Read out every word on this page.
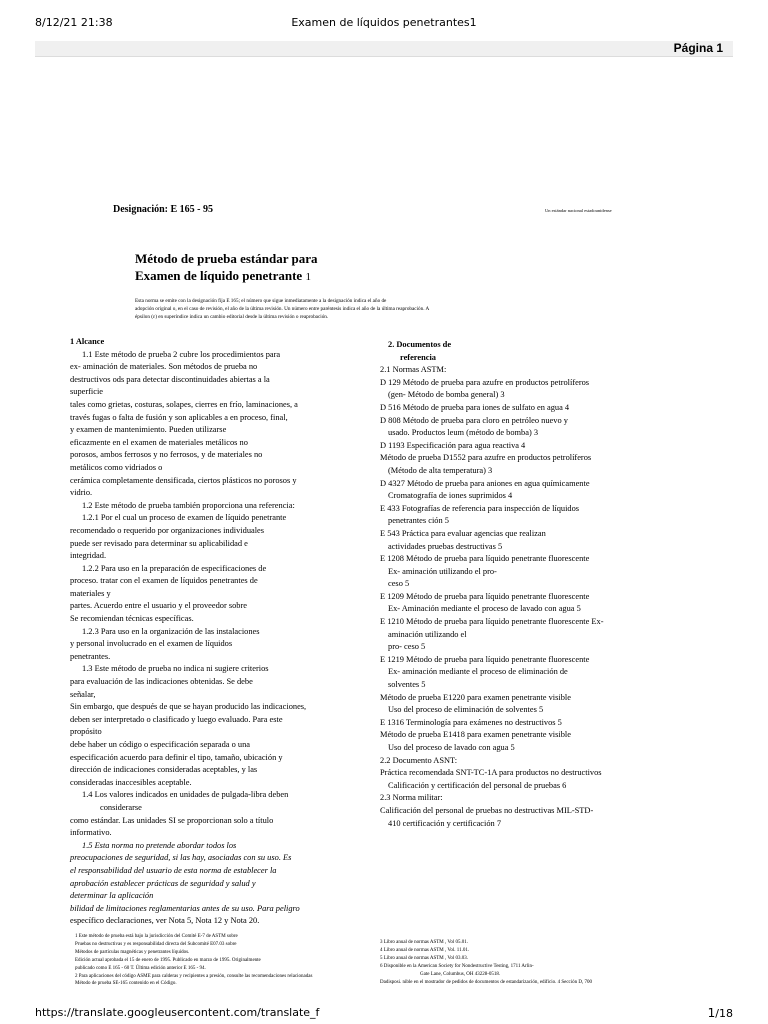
8/12/21 21:38	Examen de líquidos penetrantes1
Página 1
Designación: E 165 - 95	Un estándar nacional estadounidense
Método de prueba estándar para
Examen de líquido penetrante 1
Esta norma se emite con la designación fija E 165; el número que sigue inmediatamente a la designación indica el año de
adopción original o, en el caso de revisión, el año de la última revisión. Un número entre paréntesis indica el año de la última reaprobación. A
épsilon (ε) en superíndice indica un cambio editorial desde la última revisión o reaprobación.
1 Alcance
1.1 Este método de prueba 2 cubre los procedimientos para
ex- aminación de materiales. Son métodos de prueba no
destructivos ods para detectar discontinuidades abiertas a la
superficie
tales como grietas, costuras, solapes, cierres en frío, laminaciones, a
través fugas o falta de fusión y son aplicables a en proceso, final,
y examen de mantenimiento. Pueden utilizarse
eficazmente en el examen de materiales metálicos no
porosos, ambos ferrosos y no ferrosos, y de materiales no
metálicos como vidriados o
cerámica completamente densificada, ciertos plásticos no porosos y
vidrio.
1.2 Este método de prueba también proporciona una referencia:
1.2.1 Por el cual un proceso de examen de líquido penetrante
recomendado o requerido por organizaciones individuales
puede ser revisado para determinar su aplicabilidad e
integridad.
1.2.2 Para uso en la preparación de especificaciones de
proceso. tratar con el examen de líquidos penetrantes de
materiales y
partes. Acuerdo entre el usuario y el proveedor sobre
Se recomiendan técnicas específicas.
1.2.3 Para uso en la organización de las instalaciones
y personal involucrado en el examen de líquidos
penetrantes.
1.3 Este método de prueba no indica ni sugiere criterios
para evaluación de las indicaciones obtenidas. Se debe
señalar,
Sin embargo, que después de que se hayan producido las indicaciones,
deben ser interpretado o clasificado y luego evaluado. Para este
propósito
debe haber un código o especificación separada o una
especificación acuerdo para definir el tipo, tamaño, ubicación y
dirección de indicaciones consideradas aceptables, y las
consideradas inaccesibles aceptable.
1.4 Los valores indicados en unidades de pulgada-libra deben
considerarse
como estándar. Las unidades SI se proporcionan solo a título
informativo.
1.5 Esta norma no pretende abordar todos los
preocupaciones de seguridad, si las hay, asociadas con su uso. Es
el responsabilidad del usuario de esta norma de establecer la
aprobación establecer prácticas de seguridad y salud y
determinar la aplicación
bilidad de limitaciones reglamentarias antes de su uso. Para peligro
específico declaraciones, ver Nota 5, Nota 12 y Nota 20.
2. Documentos de
referencia
2.1 Normas ASTM:
D 129 Método de prueba para azufre en productos petrolíferos
(gen- Método de bomba general) 3
D 516 Método de prueba para iones de sulfato en agua 4
D 808 Método de prueba para cloro en petróleo nuevo y
usado. Productos leum (método de bomba) 3
D 1193 Especificación para agua reactiva 4
Método de prueba D1552 para azufre en productos petrolíferos
(Método de alta temperatura) 3
D 4327 Método de prueba para aniones en agua químicamente
Cromatografía de iones suprimidos 4
E 433 Fotografías de referencia para inspección de líquidos
penetrantes ción 5
E 543 Práctica para evaluar agencias que realizan
actividades pruebas destructivas 5
E 1208 Método de prueba para líquido penetrante fluorescente
Ex- aminación utilizando el pro-
ceso 5
E 1209 Método de prueba para líquido penetrante fluorescente
Ex- Aminación mediante el proceso de lavado con agua 5
E 1210 Método de prueba para líquido penetrante fluorescente Ex-
aminación utilizando el
pro- ceso 5
E 1219 Método de prueba para líquido penetrante fluorescente
Ex- aminación mediante el proceso de eliminación de
solventes 5
Método de prueba E1220 para examen penetrante visible
Uso del proceso de eliminación de solventes 5
E 1316 Terminología para exámenes no destructivos 5
Método de prueba E1418 para examen penetrante visible
Uso del proceso de lavado con agua 5
2.2 Documento ASNT:
Práctica recomendada SNT-TC-1A para productos no destructivos
Calificación y certificación del personal de pruebas 6
2.3 Norma militar:
Calificación del personal de pruebas no destructivas MIL-STD-
410 certificación y certificación 7
1 Este método de prueba está bajo la jurisdicción del Comité E-7 de ASTM sobre
Pruebas no destructivas y es responsabilidad directa del Subcomité E07.03 sobre
Métodos de partículas magnéticas y penetrantes líquidos.
Edición actual aprobada el 15 de enero de 1995. Publicado en marzo de 1995. Originalmente
publicado como E 165 - 60 T. Última edición anterior E 165 - 94.
2 Para aplicaciones del código ASME para calderas y recipientes a presión, consulte las recomendaciones relacionadas
Método de prueba SE-165 contenido en el Código.
3 Libro anual de normas ASTM , Vol 05.01.
4 Libro anual de normas ASTM , Vol. 11.01.
5 Libro anual de normas ASTM , Vol 03.03.
6 Disponible en la American Society for Nondestructive Testing, 1711 Arlin-
Gate Lane, Columbus, OH 43228-0518.
Dadisposi. nible en el mostrador de pedidos de documentos de estandarización, edificio. 4 Sección D, 700
https://translate.googleusercontent.com/translate_f	1/18
